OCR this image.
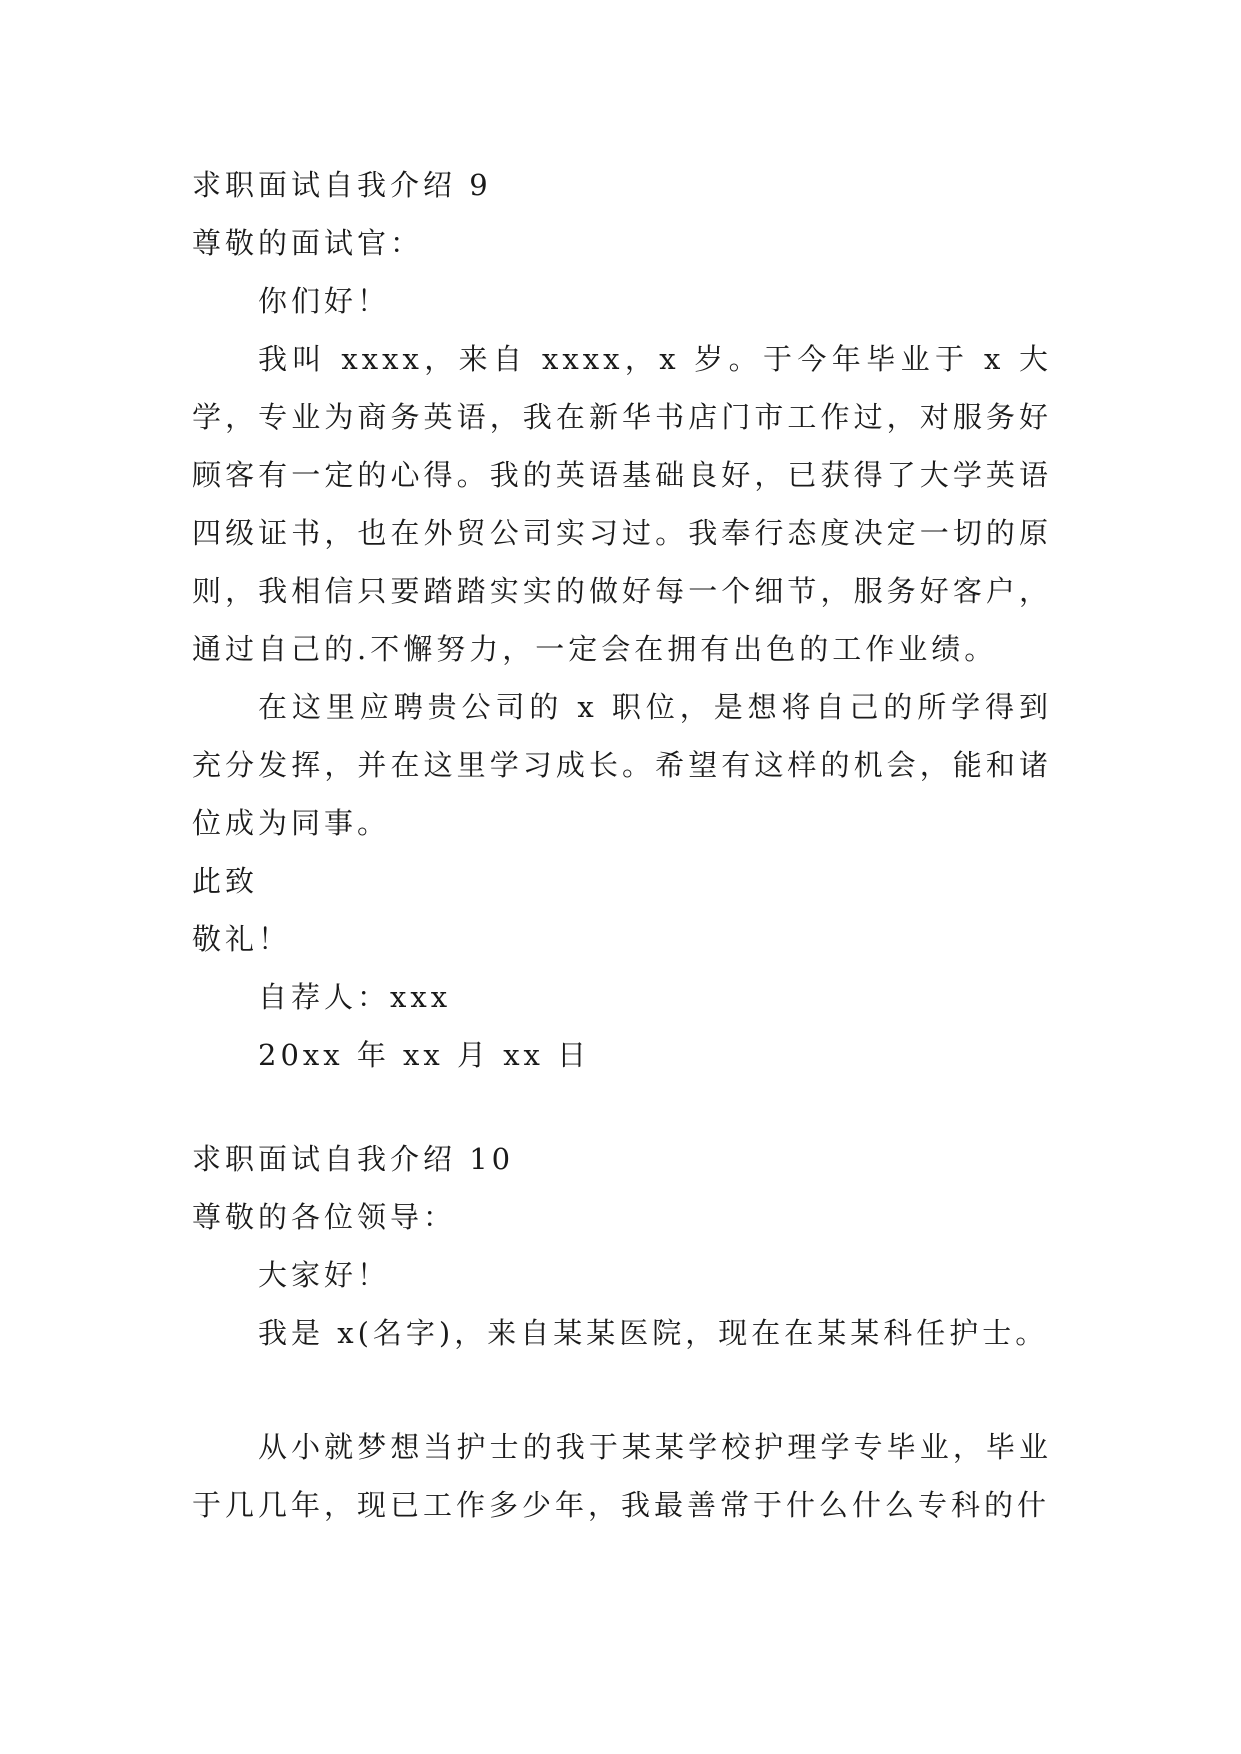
求职面试自我介绍 9
尊敬的面试官：
你们好！
我叫 xxxx，来自 xxxx，x 岁。于今年毕业于 x 大学，专业为商务英语，我在新华书店门市工作过，对服务好顾客有一定的心得。我的英语基础良好，已获得了大学英语四级证书，也在外贸公司实习过。我奉行态度决定一切的原则，我相信只要踏踏实实的做好每一个细节，服务好客户，通过自己的.不懈努力，一定会在拥有出色的工作业绩。
在这里应聘贵公司的 x 职位，是想将自己的所学得到充分发挥，并在这里学习成长。希望有这样的机会，能和诸位成为同事。
此致
敬礼！
自荐人：xxx
20xx 年 xx 月 xx 日
求职面试自我介绍 10
尊敬的各位领导：
大家好！
我是 x(名字)，来自某某医院，现在在某某科任护士。
从小就梦想当护士的我于某某学校护理学专毕业，毕业于几几年，现已工作多少年，我最善常于什么什么专科的什
